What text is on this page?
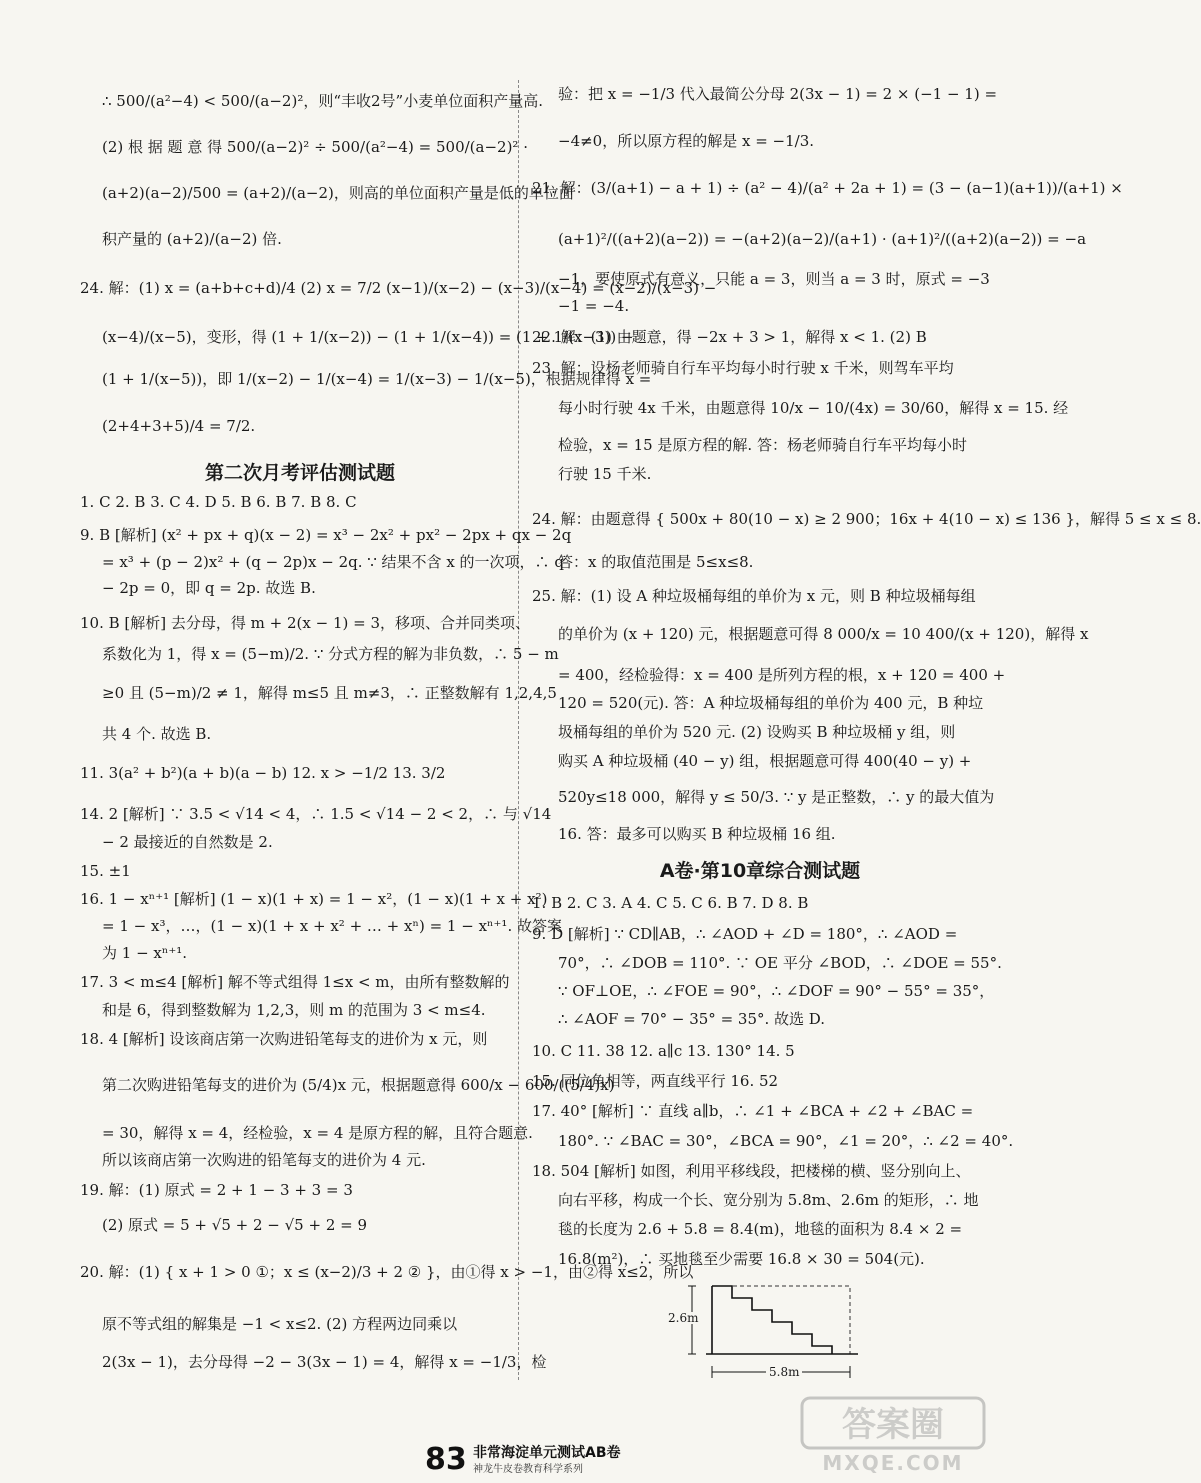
∴ 500/(a²−4) < 500/(a−2)²，则“丰收2号”小麦单位面积产量高.
(2) 根 据 题 意 得 500/(a−2)² ÷ 500/(a²−4) = 500/(a−2)² ·
(a+2)(a−2)/500 = (a+2)/(a−2)，则高的单位面积产量是低的单位面
积产量的 (a+2)/(a−2) 倍.
24. 解：(1) x = (a+b+c+d)/4 (2) x = 7/2 (x−1)/(x−2) − (x−3)/(x−4) = (x−2)/(x−3) −
(x−4)/(x−5)，变形，得 (1 + 1/(x−2)) − (1 + 1/(x−4)) = (1 + 1/(x−3)) −
(1 + 1/(x−5))，即 1/(x−2) − 1/(x−4) = 1/(x−3) − 1/(x−5)，根据规律得 x =
(2+4+3+5)/4 = 7/2.
第二次月考评估测试题
1. C 2. B 3. C 4. D 5. B 6. B 7. B 8. C
9. B [解析] (x² + px + q)(x − 2) = x³ − 2x² + px² − 2px + qx − 2q
= x³ + (p − 2)x² + (q − 2p)x − 2q. ∵ 结果不含 x 的一次项，∴ q
− 2p = 0，即 q = 2p. 故选 B.
10. B [解析] 去分母，得 m + 2(x − 1) = 3，移项、合并同类项、
系数化为 1，得 x = (5−m)/2. ∵ 分式方程的解为非负数，∴ 5 − m
≥0 且 (5−m)/2 ≠ 1，解得 m≤5 且 m≠3，∴ 正整数解有 1,2,4,5
共 4 个. 故选 B.
11. 3(a² + b²)(a + b)(a − b) 12. x > −1/2 13. 3/2
14. 2 [解析] ∵ 3.5 < √14 < 4，∴ 1.5 < √14 − 2 < 2，∴ 与 √14
− 2 最接近的自然数是 2.
15. ±1
16. 1 − xⁿ⁺¹ [解析] (1 − x)(1 + x) = 1 − x²，(1 − x)(1 + x + x²)
= 1 − x³，…，(1 − x)(1 + x + x² + … + xⁿ) = 1 − xⁿ⁺¹. 故答案
为 1 − xⁿ⁺¹.
17. 3 < m≤4 [解析] 解不等式组得 1≤x < m，由所有整数解的
和是 6，得到整数解为 1,2,3，则 m 的范围为 3 < m≤4.
18. 4 [解析] 设该商店第一次购进铅笔每支的进价为 x 元，则
第二次购进铅笔每支的进价为 (5/4)x 元，根据题意得 600/x − 600/((5/4)x)
= 30，解得 x = 4，经检验，x = 4 是原方程的解，且符合题意.
所以该商店第一次购进的铅笔每支的进价为 4 元.
19. 解：(1) 原式 = 2 + 1 − 3 + 3 = 3
(2) 原式 = 5 + √5 + 2 − √5 + 2 = 9
20. 解：(1) { x + 1 > 0 ①；x ≤ (x−2)/3 + 2 ② }，由①得 x > −1，由②得 x≤2，所以
原不等式组的解集是 −1 < x≤2. (2) 方程两边同乘以
2(3x − 1)，去分母得 −2 − 3(3x − 1) = 4，解得 x = −1/3，检
验：把 x = −1/3 代入最简公分母 2(3x − 1) = 2 × (−1 − 1) =
−4≠0，所以原方程的解是 x = −1/3.
21. 解：(3/(a+1) − a + 1) ÷ (a² − 4)/(a² + 2a + 1) = (3 − (a−1)(a+1))/(a+1) ×
(a+1)²/((a+2)(a−2)) = −(a+2)(a−2)/(a+1) · (a+1)²/((a+2)(a−2)) = −a
−1，要使原式有意义，只能 a = 3，则当 a = 3 时，原式 = −3
−1 = −4.
22. 解：(1) 由题意，得 −2x + 3 > 1，解得 x < 1. (2) B
23. 解：设杨老师骑自行车平均每小时行驶 x 千米，则驾车平均
每小时行驶 4x 千米，由题意得 10/x − 10/(4x) = 30/60，解得 x = 15. 经
检验，x = 15 是原方程的解. 答：杨老师骑自行车平均每小时
行驶 15 千米.
24. 解：由题意得 { 500x + 80(10 − x) ≥ 2 900；16x + 4(10 − x) ≤ 136 }，解得 5 ≤ x ≤ 8.
答：x 的取值范围是 5≤x≤8.
25. 解：(1) 设 A 种垃圾桶每组的单价为 x 元，则 B 种垃圾桶每组
的单价为 (x + 120) 元，根据题意可得 8 000/x = 10 400/(x + 120)，解得 x
= 400，经检验得：x = 400 是所列方程的根，x + 120 = 400 +
120 = 520(元). 答：A 种垃圾桶每组的单价为 400 元，B 种垃
圾桶每组的单价为 520 元. (2) 设购买 B 种垃圾桶 y 组，则
购买 A 种垃圾桶 (40 − y) 组，根据题意可得 400(40 − y) +
520y≤18 000，解得 y ≤ 50/3. ∵ y 是正整数，∴ y 的最大值为
16. 答：最多可以购买 B 种垃圾桶 16 组.
A卷·第10章综合测试题
1. B 2. C 3. A 4. C 5. C 6. B 7. D 8. B
9. D [解析] ∵ CD∥AB，∴ ∠AOD + ∠D = 180°，∴ ∠AOD =
70°，∴ ∠DOB = 110°. ∵ OE 平分 ∠BOD，∴ ∠DOE = 55°.
∵ OF⊥OE，∴ ∠FOE = 90°，∴ ∠DOF = 90° − 55° = 35°，
∴ ∠AOF = 70° − 35° = 35°. 故选 D.
10. C 11. 38 12. a∥c 13. 130° 14. 5
15. 同位角相等，两直线平行 16. 52
17. 40° [解析] ∵ 直线 a∥b，∴ ∠1 + ∠BCA + ∠2 + ∠BAC =
180°. ∵ ∠BAC = 30°，∠BCA = 90°，∠1 = 20°，∴ ∠2 = 40°.
18. 504 [解析] 如图，利用平移线段，把楼梯的横、竖分别向上、
向右平移，构成一个长、宽分别为 5.8m、2.6m 的矩形，∴ 地
毯的长度为 2.6 + 5.8 = 8.4(m)，地毯的面积为 8.4 × 2 =
16.8(m²)，∴ 买地毯至少需要 16.8 × 30 = 504(元).
2.6m
5.8m
83 非常海淀单元测试AB卷
神龙牛皮卷教育科学系列
答案圈
MXQE.COM
